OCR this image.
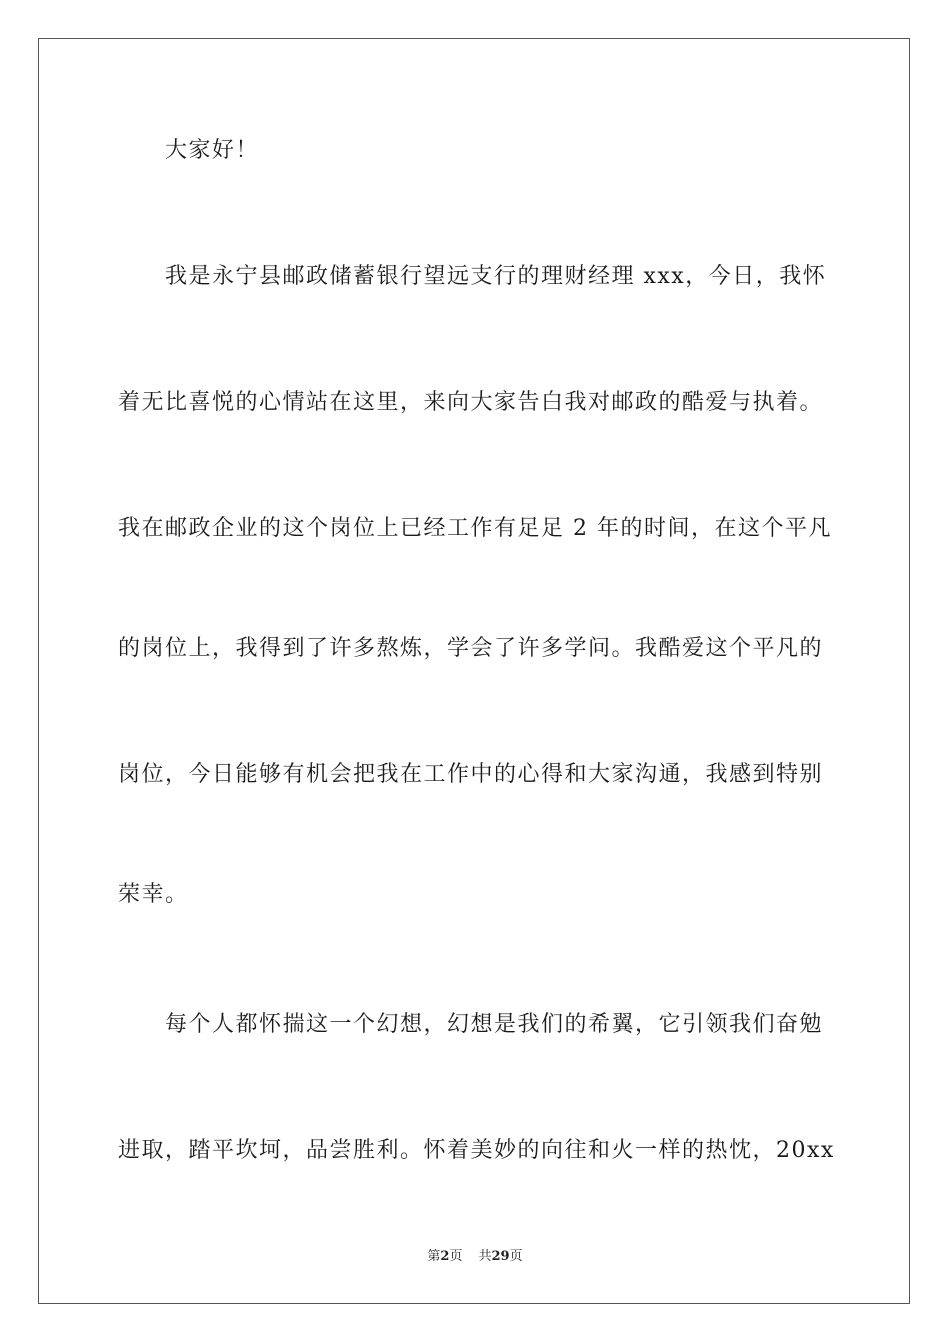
大家好！
我是永宁县邮政储蓄银行望远支行的理财经理 xxx，今日，我怀
着无比喜悦的心情站在这里，来向大家告白我对邮政的酷爱与执着。
我在邮政企业的这个岗位上已经工作有足足 2 年的时间，在这个平凡
的岗位上，我得到了许多熬炼，学会了许多学问。我酷爱这个平凡的
岗位，今日能够有机会把我在工作中的心得和大家沟通，我感到特别
荣幸。
每个人都怀揣这一个幻想，幻想是我们的希翼，它引领我们奋勉
进取，踏平坎坷，品尝胜利。怀着美妙的向往和火一样的热忱，20xx
第2页 共29页
